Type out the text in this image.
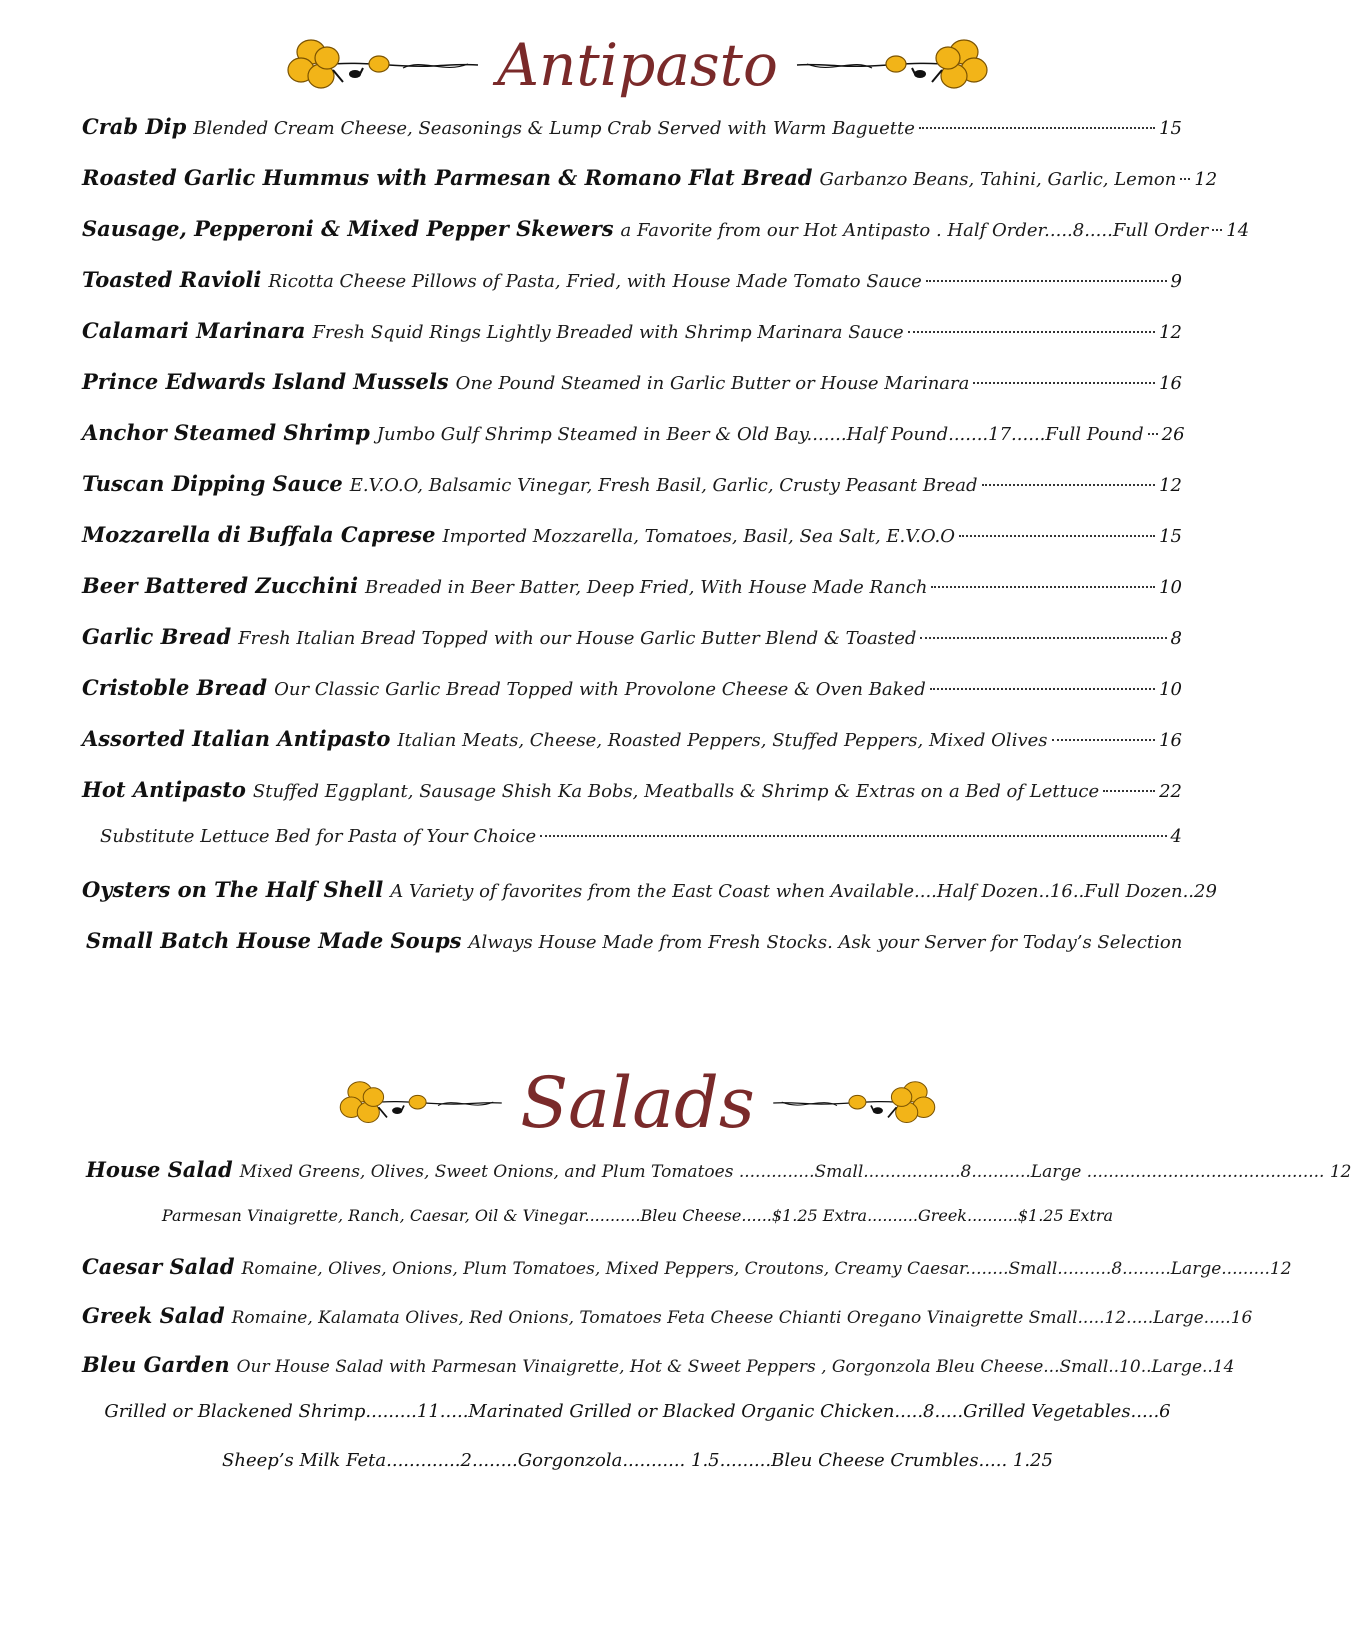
Antipasto
Crab Dip Blended Cream Cheese, Seasonings & Lump Crab Served with Warm Baguette	15
Roasted Garlic Hummus with Parmesan & Romano Flat Bread Garbanzo Beans, Tahini, Garlic, Lemon 12
Sausage, Pepperoni & Mixed Pepper Skewers a Favorite from our Hot Antipasto . Half Order.....8.....Full Order 14
Toasted Ravioli Ricotta Cheese Pillows of Pasta, Fried, with House Made Tomato Sauce	9
Calamari Marinara Fresh Squid Rings Lightly Breaded with Shrimp Marinara Sauce	12
Prince Edwards Island Mussels One Pound Steamed in Garlic Butter or House Marinara	16
Anchor Steamed Shrimp Jumbo Gulf Shrimp Steamed in Beer & Old Bay.......Half Pound.......17......Full Pound 26
Tuscan Dipping Sauce E.V.O.O, Balsamic Vinegar, Fresh Basil, Garlic, Crusty Peasant Bread	12
Mozzarella di Buffala Caprese Imported Mozzarella, Tomatoes, Basil, Sea Salt, E.V.O.O	15
Beer Battered Zucchini Breaded in Beer Batter, Deep Fried, With House Made Ranch	10
Garlic Bread Fresh Italian Bread Topped with our House Garlic Butter Blend & Toasted	8
Cristoble Bread Our Classic Garlic Bread Topped with Provolone Cheese & Oven Baked	10
Assorted Italian Antipasto Italian Meats, Cheese, Roasted Peppers, Stuffed Peppers, Mixed Olives	16
Hot Antipasto Stuffed Eggplant, Sausage Shish Ka Bobs, Meatballs & Shrimp & Extras on a Bed of Lettuce	22
Substitute Lettuce Bed for Pasta of Your Choice	4
Oysters on The Half Shell A Variety of favorites from the East Coast when Available....Half Dozen..16..Full Dozen..29
Small Batch House Made Soups Always House Made from Fresh Stocks. Ask your Server for Today’s Selection
Salads
House Salad Mixed Greens, Olives, Sweet Onions, and Plum Tomatoes ..............Small..................8...........Large ............................................ 12
Parmesan Vinaigrette, Ranch, Caesar, Oil & Vinegar...........Bleu Cheese......$1.25 Extra..........Greek..........$1.25 Extra
Caesar Salad Romaine, Olives, Onions, Plum Tomatoes, Mixed Peppers, Croutons, Creamy Caesar........Small..........8.........Large.........12
Greek Salad Romaine, Kalamata Olives, Red Onions, Tomatoes Feta Cheese Chianti Oregano Vinaigrette Small.....12.....Large.....16
Bleu Garden Our House Salad with Parmesan Vinaigrette, Hot & Sweet Peppers , Gorgonzola Bleu Cheese...Small..10..Large..14
Grilled or Blackened Shrimp.........11.....Marinated Grilled or Blacked Organic Chicken.....8.....Grilled Vegetables.....6
Sheep’s Milk Feta.............2........Gorgonzola........... 1.5.........Bleu Cheese Crumbles..... 1.25
